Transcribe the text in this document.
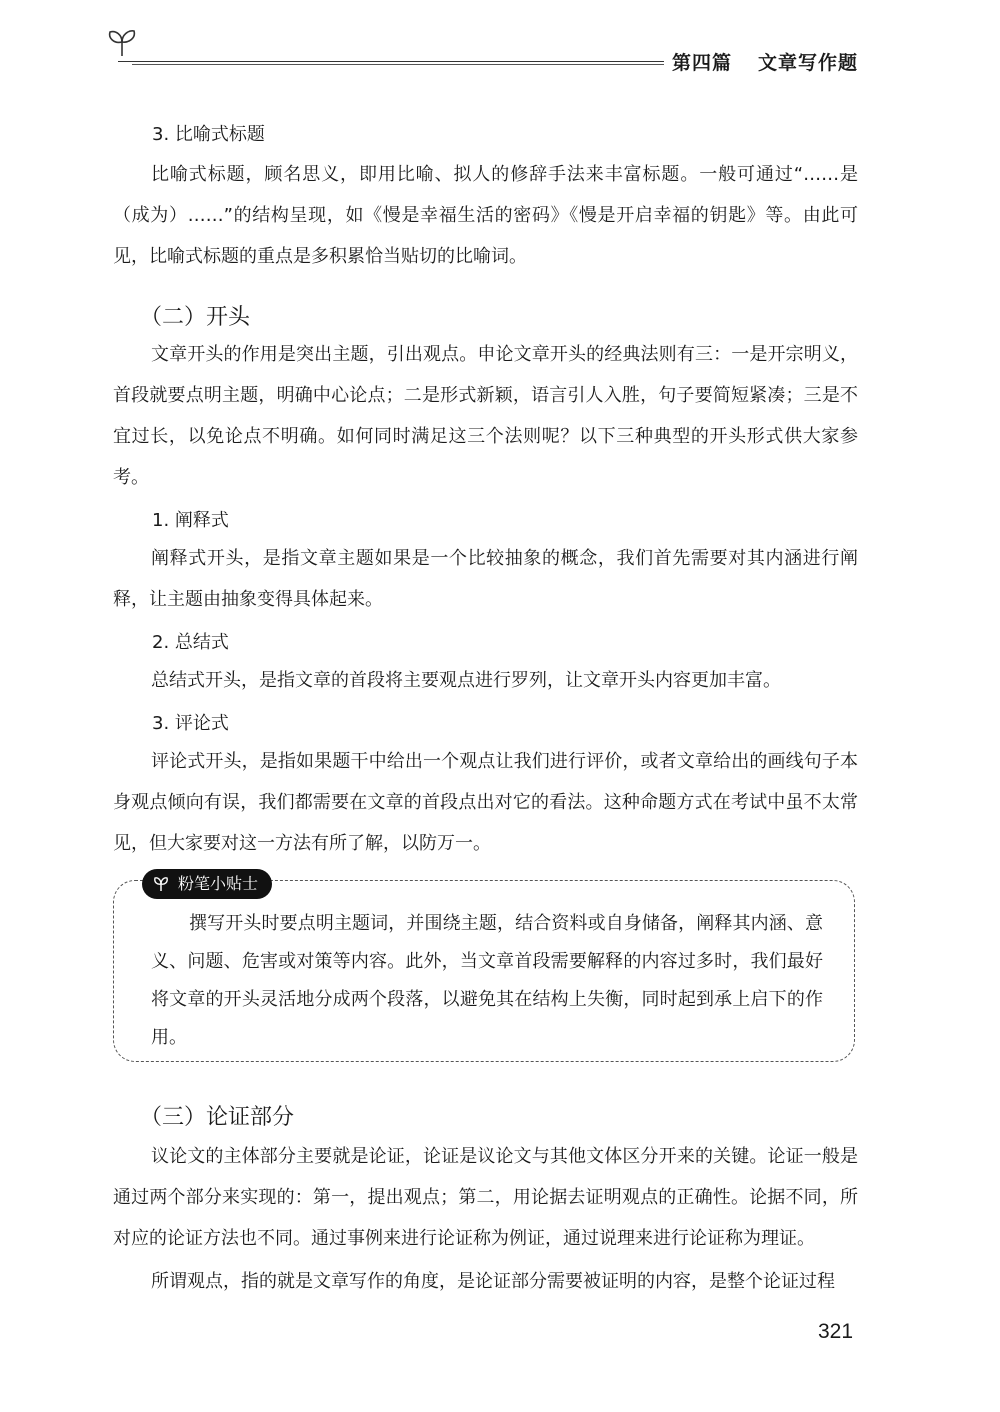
第四篇 文章写作题
3. 比喻式标题

比喻式标题，顾名思义，即用比喻、拟人的修辞手法来丰富标题。一般可通过“……是（成为）……”的结构呈现，如《慢是幸福生活的密码》《慢是开启幸福的钥匙》等。由此可见，比喻式标题的重点是多积累恰当贴切的比喻词。

（二）开头

文章开头的作用是突出主题，引出观点。申论文章开头的经典法则有三：一是开宗明义，首段就要点明主题，明确中心论点；二是形式新颖，语言引人入胜，句子要简短紧凑；三是不宜过长，以免论点不明确。如何同时满足这三个法则呢？以下三种典型的开头形式供大家参考。

1. 阐释式

阐释式开头，是指文章主题如果是一个比较抽象的概念，我们首先需要对其内涵进行阐释，让主题由抽象变得具体起来。

2. 总结式

总结式开头，是指文章的首段将主要观点进行罗列，让文章开头内容更加丰富。

3. 评论式

评论式开头，是指如果题干中给出一个观点让我们进行评价，或者文章给出的画线句子本身观点倾向有误，我们都需要在文章的首段点出对它的看法。这种命题方式在考试中虽不太常见，但大家要对这一方法有所了解，以防万一。

粉笔小贴士

撰写开头时要点明主题词，并围绕主题，结合资料或自身储备，阐释其内涵、意义、问题、危害或对策等内容。此外，当文章首段需要解释的内容过多时，我们最好将文章的开头灵活地分成两个段落，以避免其在结构上失衡，同时起到承上启下的作用。

（三）论证部分

议论文的主体部分主要就是论证，论证是议论文与其他文体区分开来的关键。论证一般是通过两个部分来实现的：第一，提出观点；第二，用论据去证明观点的正确性。论据不同，所对应的论证方法也不同。通过事例来进行论证称为例证，通过说理来进行论证称为理证。

所谓观点，指的就是文章写作的角度，是论证部分需要被证明的内容，是整个论证过程

321
